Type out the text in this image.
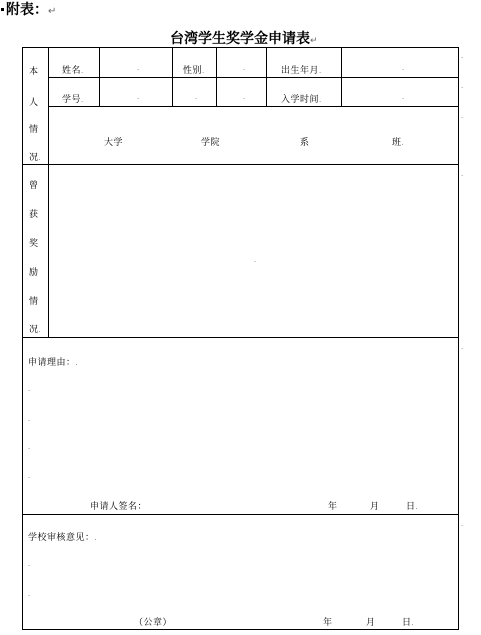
附表：↵
台湾学生奖学金申请表↵
本
人
情
况.
姓名.	.	性别.	.	出生年月.	.
学号.	.	.	.	入学时间.	.
大学	学院	系	班.
曾
获
奖
励
情
况.
.
申请理由：.
.
.
.
.
申请人签名：	年	月	日.
学校审核意见：.
.
.
（公章）	年	月	日.
.
.
.
.
.
.
